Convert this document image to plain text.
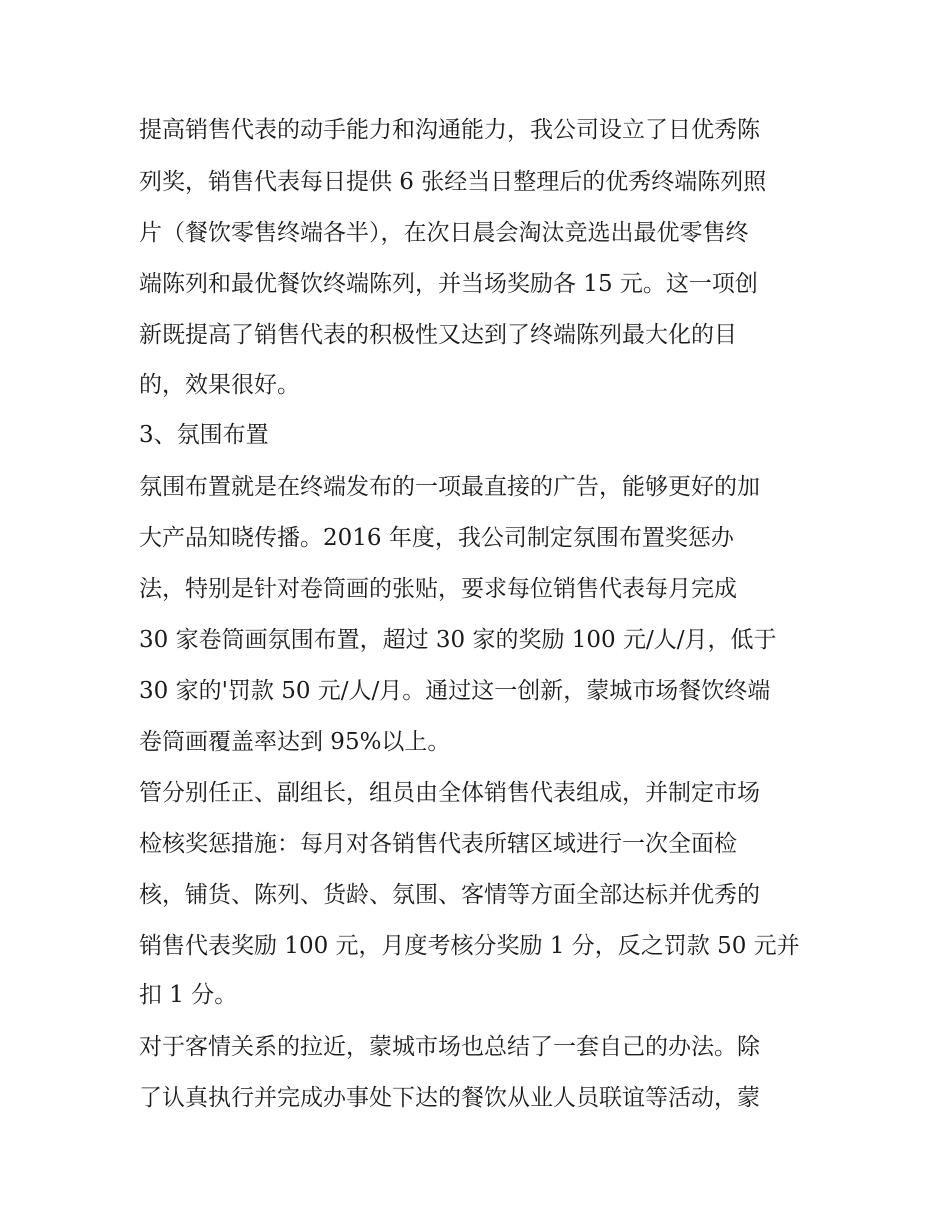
提高销售代表的动手能力和沟通能力，我公司设立了日优秀陈
列奖，销售代表每日提供 6 张经当日整理后的优秀终端陈列照
片（餐饮零售终端各半），在次日晨会淘汰竞选出最优零售终
端陈列和最优餐饮终端陈列，并当场奖励各 15 元。这一项创
新既提高了销售代表的积极性又达到了终端陈列最大化的目
的，效果很好。
3、氛围布置
氛围布置就是在终端发布的一项最直接的广告，能够更好的加
大产品知晓传播。2016 年度，我公司制定氛围布置奖惩办
法，特别是针对卷筒画的张贴，要求每位销售代表每月完成
30 家卷筒画氛围布置，超过 30 家的奖励 100 元/人/月，低于
30 家的'罚款 50 元/人/月。通过这一创新，蒙城市场餐饮终端
卷筒画覆盖率达到 95%以上。
管分别任正、副组长，组员由全体销售代表组成，并制定市场
检核奖惩措施：每月对各销售代表所辖区域进行一次全面检
核，铺货、陈列、货龄、氛围、客情等方面全部达标并优秀的
销售代表奖励 100 元，月度考核分奖励 1 分，反之罚款 50 元并
扣 1 分。
对于客情关系的拉近，蒙城市场也总结了一套自己的办法。除
了认真执行并完成办事处下达的餐饮从业人员联谊等活动，蒙
